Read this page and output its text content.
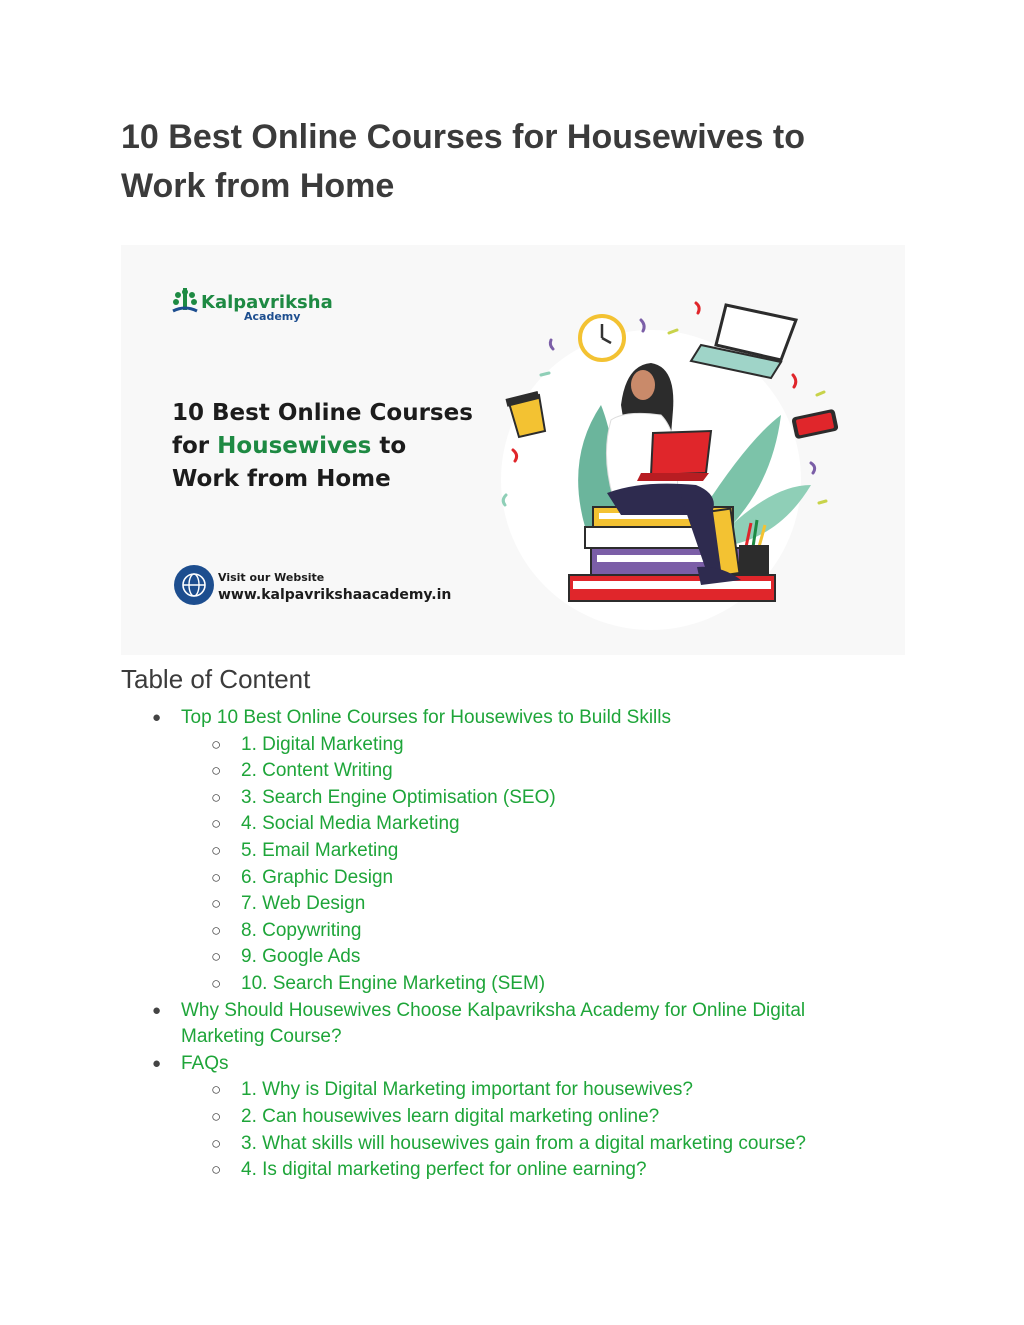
10 Best Online Courses for Housewives to Work from Home
Kalpavriksha
Academy
10 Best Online Courses
for Housewives to
Work from Home
Visit our Website
www.kalpavrikshaacademy.in
Table of Content
● Top 10 Best Online Courses for Housewives to Build Skills
○ 1. Digital Marketing
○ 2. Content Writing
○ 3. Search Engine Optimisation (SEO)
○ 4. Social Media Marketing
○ 5. Email Marketing
○ 6. Graphic Design
○ 7. Web Design
○ 8. Copywriting
○ 9. Google Ads
○ 10. Search Engine Marketing (SEM)
● Why Should Housewives Choose Kalpavriksha Academy for Online Digital Marketing Course?
● FAQs
○ 1. Why is Digital Marketing important for housewives?
○ 2. Can housewives learn digital marketing online?
○ 3. What skills will housewives gain from a digital marketing course?
○ 4. Is digital marketing perfect for online earning?
